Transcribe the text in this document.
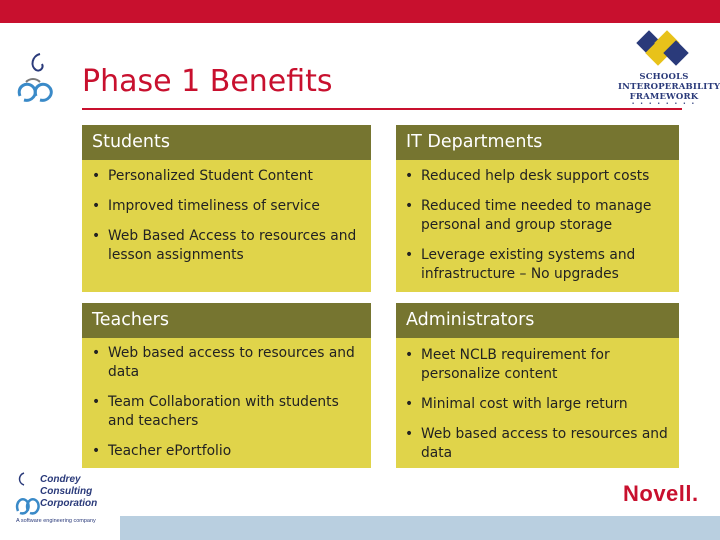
Phase 1 Benefits	SCHOOLS
INTEROPERABILITY
FRAMEWORK
• • • • • • • •
Students
• Personalized Student Content
• Improved timeliness of service
• Web Based Access to resources and lesson assignments
IT Departments
• Reduced help desk support costs
• Reduced time needed to manage personal and group storage
• Leverage existing systems and infrastructure – No upgrades
Teachers
• Web based access to resources and data
• Team Collaboration with students and teachers
• Teacher ePortfolio
Administrators
• Meet NCLB requirement for personalize content
• Minimal cost with large return
• Web based access to resources and data
Condrey
Consulting
Corporation
A software engineering company
Novell.
